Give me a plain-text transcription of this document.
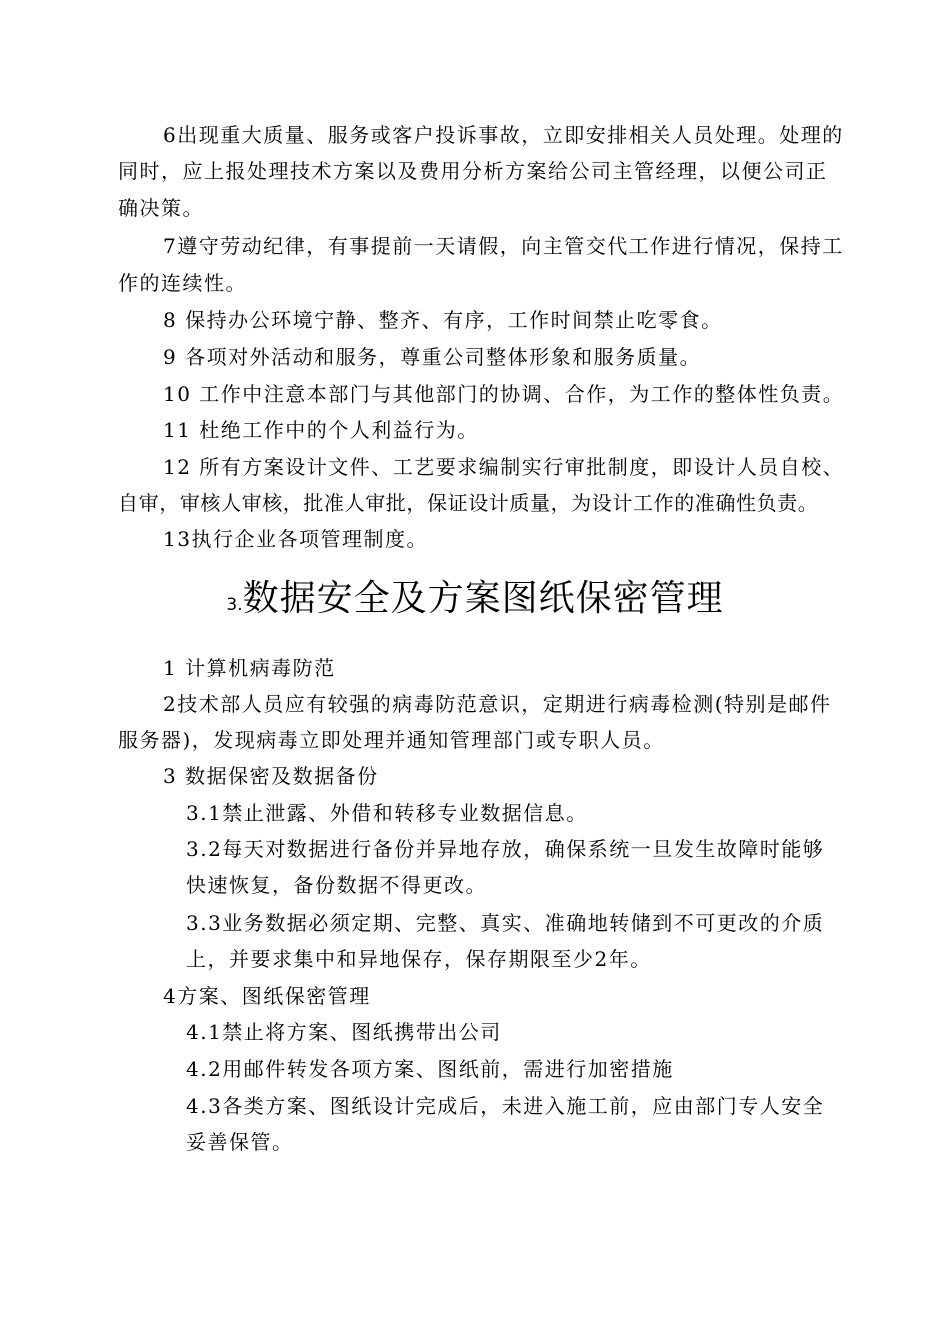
6出现重大质量、服务或客户投诉事故，立即安排相关人员处理。处理的
同时，应上报处理技术方案以及费用分析方案给公司主管经理，以便公司正
确决策。
7遵守劳动纪律，有事提前一天请假，向主管交代工作进行情况，保持工
作的连续性。
8 保持办公环境宁静、整齐、有序，工作时间禁止吃零食。
9 各项对外活动和服务，尊重公司整体形象和服务质量。
10 工作中注意本部门与其他部门的协调、合作，为工作的整体性负责。
11 杜绝工作中的个人利益行为。
12 所有方案设计文件、工艺要求编制实行审批制度，即设计人员自校、
自审，审核人审核，批准人审批，保证设计质量，为设计工作的准确性负责。
13执行企业各项管理制度。
3.数据安全及方案图纸保密管理
1 计算机病毒防范
2技术部人员应有较强的病毒防范意识，定期进行病毒检测(特别是邮件
服务器)，发现病毒立即处理并通知管理部门或专职人员。
3 数据保密及数据备份
3.1禁止泄露、外借和转移专业数据信息。
3.2每天对数据进行备份并异地存放，确保系统一旦发生故障时能够
快速恢复，备份数据不得更改。
3.3业务数据必须定期、完整、真实、准确地转储到不可更改的介质
上，并要求集中和异地保存，保存期限至少2年。
4方案、图纸保密管理
4.1禁止将方案、图纸携带出公司
4.2用邮件转发各项方案、图纸前，需进行加密措施
4.3各类方案、图纸设计完成后，未进入施工前，应由部门专人安全
妥善保管。
